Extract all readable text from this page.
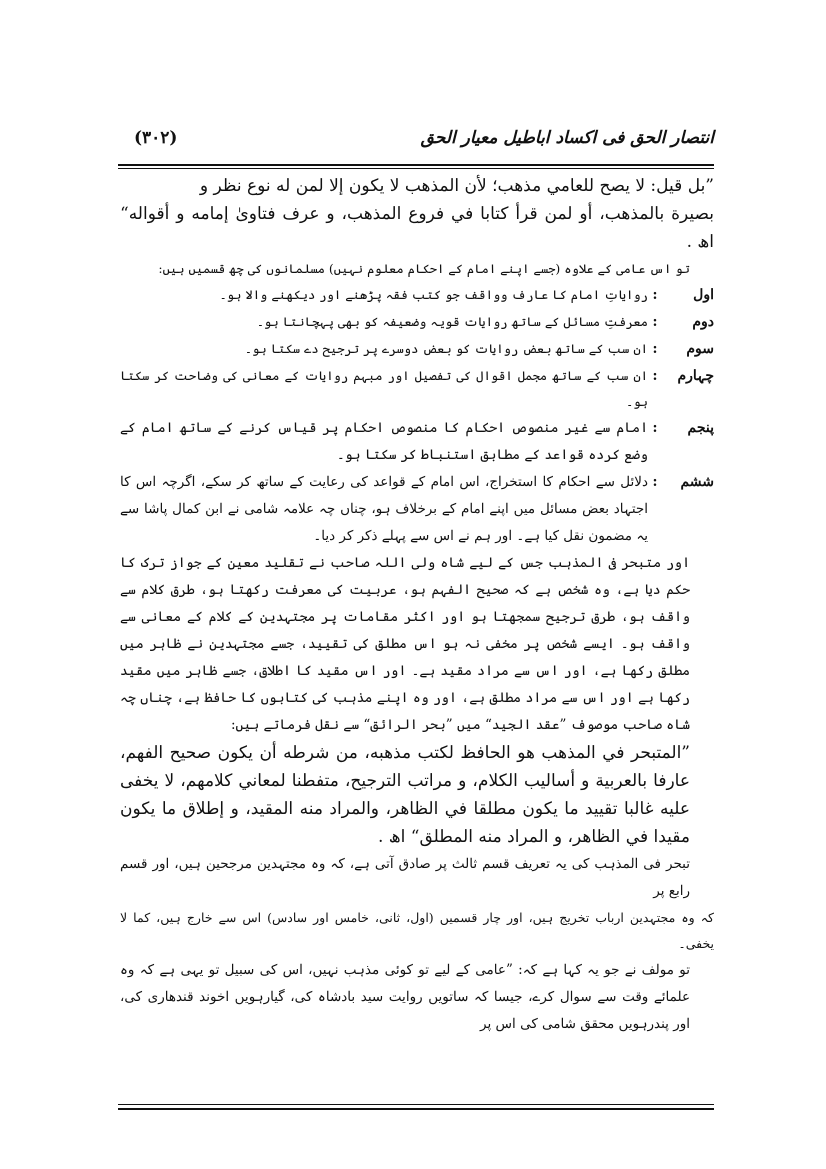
انتصار الحق فی اکساد اباطیل معیار الحق
(۳۰۲)

”بل قيل: لا يصح للعامي مذهب؛ لأن المذهب لا يكون إلا لمن له نوع نظر و

بصيرة بالمذهب، أو لمن قرأ كتابا في فروع المذهب، و عرف فتاوىٰ إمامه و أقواله“ اھ .

تو اس عامی کے علاوہ (جسے اپنے امام کے احکام معلوم نہیں) مسلمانوں کی چھ قسمیں ہیں:

اول
:
روایاتِ امام کا عارف وواقف جو کتب فقہ پڑھنے اور دیکھنے والا ہو۔
دوم
:
معرفتِ مسائل کے ساتھ روایات قویہ وضعیفہ کو بھی پہچانتا ہو۔
سوم
:
ان سب کے ساتھ بعض روایات کو بعض دوسرے پر ترجیح دے سکتا ہو۔
چہارم
:
ان سب کے ساتھ مجمل اقوال کی تفصیل اور مبہم روایات کے معانی کی وضاحت کر سکتا ہو۔
پنجم
:
امام سے غیر منصوص احکام کا منصوص احکام پر قیاس کرنے کے ساتھ امام کے وضع کردہ قواعد کے مطابق استنباط کر سکتا ہو۔
ششم
:
دلائل سے احکام کا استخراج، اس امام کے قواعد کی رعایت کے ساتھ کر سکے، اگرچہ اس کا اجتہاد بعض مسائل میں اپنے امام کے برخلاف ہو، چناں چہ علامہ شامی نے ابن کمال پاشا سے یہ مضمون نقل کیا ہے۔ اور ہم نے اس سے پہلے ذکر کر دیا۔

اور متبحر فی المذہب جس کے لیے شاہ ولی اللہ صاحب نے تقلید معین کے جواز ترک کا حکم دیا ہے، وہ شخص ہے کہ صحیح الفہم ہو، عربیت کی معرفت رکھتا ہو، طرق کلام سے واقف ہو، طرق ترجیح سمجھتا ہو اور اکثر مقامات پر مجتہدین کے کلام کے معانی سے واقف ہو۔ ایسے شخص پر مخفی نہ ہو اس مطلق کی تقیید، جسے مجتہدین نے ظاہر میں مطلق رکھا ہے، اور اس سے مراد مقید ہے۔ اور اس مقید کا اطلاق، جسے ظاہر میں مقید رکھا ہے اور اس سے مراد مطلق ہے، اور وہ اپنے مذہب کی کتابوں کا حافظ ہے، چناں چہ شاہ صاحب موصوف ”عقد الجید“ میں ”بحر الرائق“ سے نقل فرماتے ہیں:

”المتبحر في المذهب هو الحافظ لكتب مذهبه، من شرطه أن يكون صحيح الفهم، عارفا بالعربية و أساليب الكلام، و مراتب الترجيح، متفطنا لمعاني كلامهم، لا يخفى عليه غالبا تقييد ما يكون مطلقا في الظاهر، والمراد منه المقيد، و إطلاق ما يكون مقيدا في الظاهر، و المراد منه المطلق“ اھ .

تبحر فی المذہب کی یہ تعریف قسم ثالث پر صادق آتی ہے، کہ وہ مجتہدین مرجحین ہیں، اور قسم رابع پر

کہ وہ مجتہدین ارباب تخریج ہیں، اور چار قسمیں (اول، ثانی، خامس اور سادس) اس سے خارج ہیں، کما لا یخفی۔

تو مولف نے جو یہ کہا ہے کہ: ”عامی کے لیے تو کوئی مذہب نہیں، اس کی سبیل تو یہی ہے کہ وہ علمائے وقت سے سوال کرے، جیسا کہ ساتویں روایت سید بادشاہ کی، گیارہویں اخوند قندھاری کی، اور پندرہویں محقق شامی کی اس پر
